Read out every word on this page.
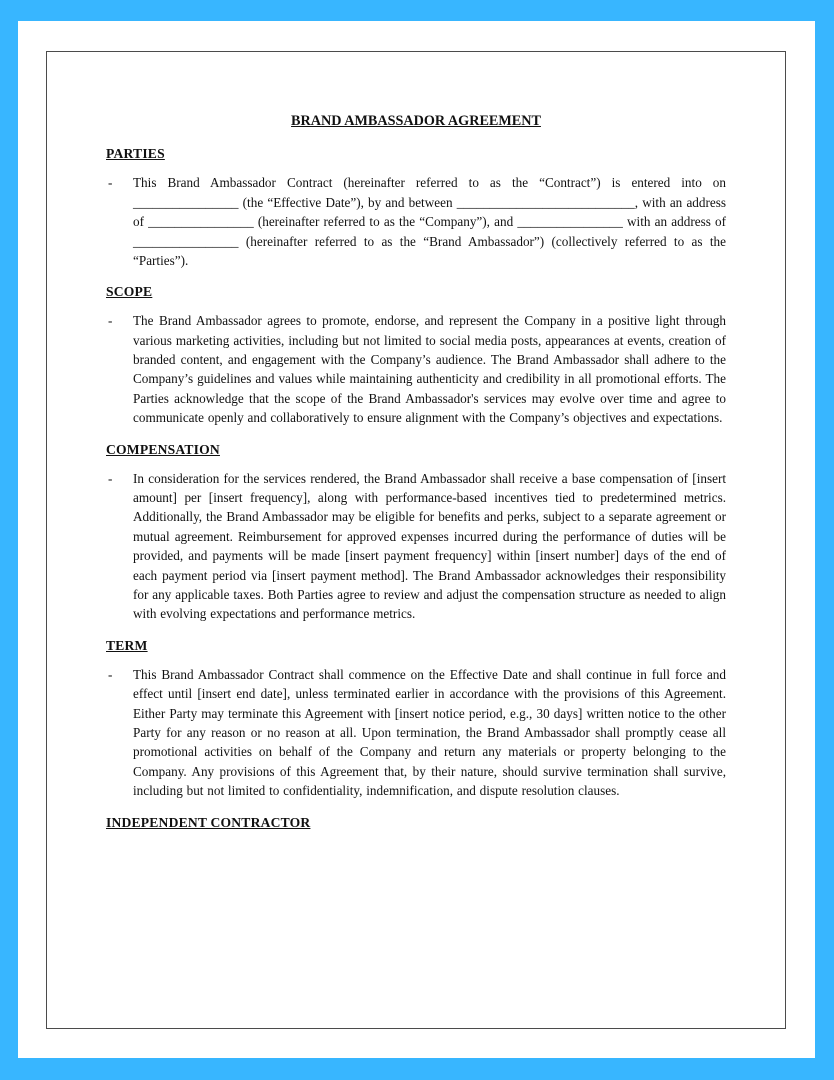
BRAND AMBASSADOR AGREEMENT
PARTIES
-	This Brand Ambassador Contract (hereinafter referred to as the “Contract”) is entered into on ________________ (the “Effective Date”), by and between ___________________________, with an address of ________________ (hereinafter referred to as the “Company”), and ________________ with an address of ________________ (hereinafter referred to as the “Brand Ambassador”) (collectively referred to as the “Parties”).

SCOPE
-	The Brand Ambassador agrees to promote, endorse, and represent the Company in a positive light through various marketing activities, including but not limited to social media posts, appearances at events, creation of branded content, and engagement with the Company’s audience. The Brand Ambassador shall adhere to the Company’s guidelines and values while maintaining authenticity and credibility in all promotional efforts. The Parties acknowledge that the scope of the Brand Ambassador's services may evolve over time and agree to communicate openly and collaboratively to ensure alignment with the Company’s objectives and expectations.

COMPENSATION
-	In consideration for the services rendered, the Brand Ambassador shall receive a base compensation of [insert amount] per [insert frequency], along with performance-based incentives tied to predetermined metrics. Additionally, the Brand Ambassador may be eligible for benefits and perks, subject to a separate agreement or mutual agreement. Reimbursement for approved expenses incurred during the performance of duties will be provided, and payments will be made [insert payment frequency] within [insert number] days of the end of each payment period via [insert payment method]. The Brand Ambassador acknowledges their responsibility for any applicable taxes. Both Parties agree to review and adjust the compensation structure as needed to align with evolving expectations and performance metrics.

TERM
-	This Brand Ambassador Contract shall commence on the Effective Date and shall continue in full force and effect until [insert end date], unless terminated earlier in accordance with the provisions of this Agreement. Either Party may terminate this Agreement with [insert notice period, e.g., 30 days] written notice to the other Party for any reason or no reason at all. Upon termination, the Brand Ambassador shall promptly cease all promotional activities on behalf of the Company and return any materials or property belonging to the Company. Any provisions of this Agreement that, by their nature, should survive termination shall survive, including but not limited to confidentiality, indemnification, and dispute resolution clauses.

INDEPENDENT CONTRACTOR
